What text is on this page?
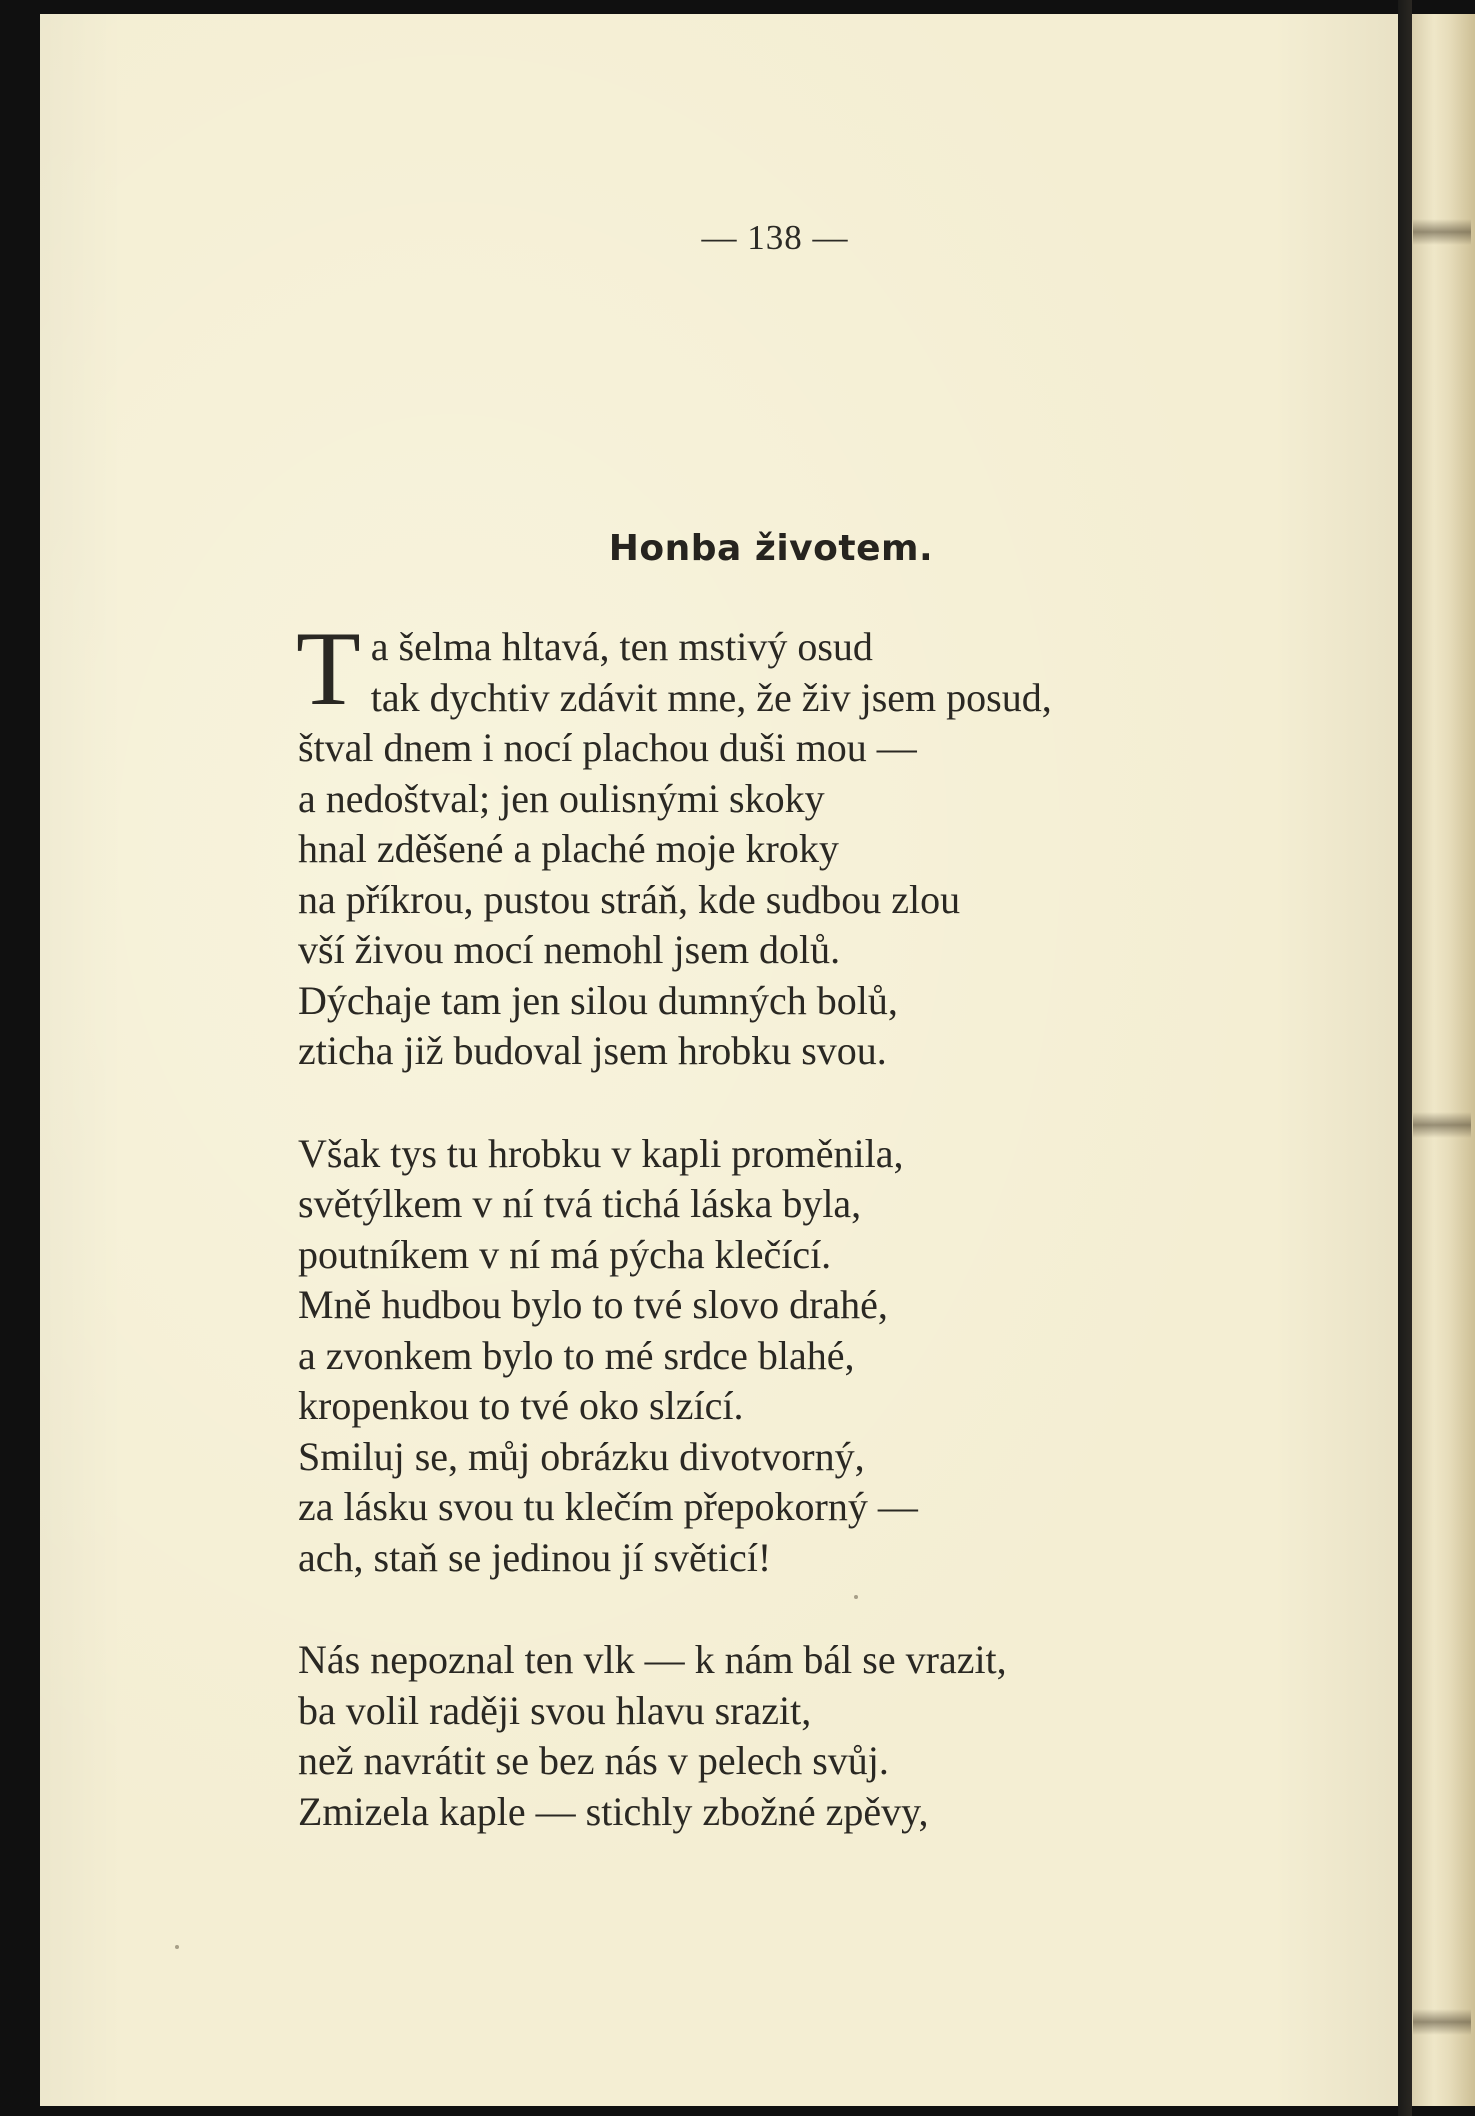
— 138 —
Honba životem.
T a šelma hltavá, ten mstivý osud
tak dychtiv zdávit mne, že živ jsem posud,
štval dnem i nocí plachou duši mou —
a nedoštval; jen oulisnými skoky
hnal zděšené a plaché moje kroky
na příkrou, pustou stráň, kde sudbou zlou
vší živou mocí nemohl jsem dolů.
Dýchaje tam jen silou dumných bolů,
zticha již budoval jsem hrobku svou.
Však tys tu hrobku v kapli proměnila,
světýlkem v ní tvá tichá láska byla,
poutníkem v ní má pýcha klečící.
Mně hudbou bylo to tvé slovo drahé,
a zvonkem bylo to mé srdce blahé,
kropenkou to tvé oko slzící.
Smiluj se, můj obrázku divotvorný,
za lásku svou tu klečím přepokorný —
ach, staň se jedinou jí světicí!
Nás nepoznal ten vlk — k nám bál se vrazit,
ba volil raději svou hlavu srazit,
než navrátit se bez nás v pelech svůj.
Zmizela kaple — stichly zbožné zpěvy,
